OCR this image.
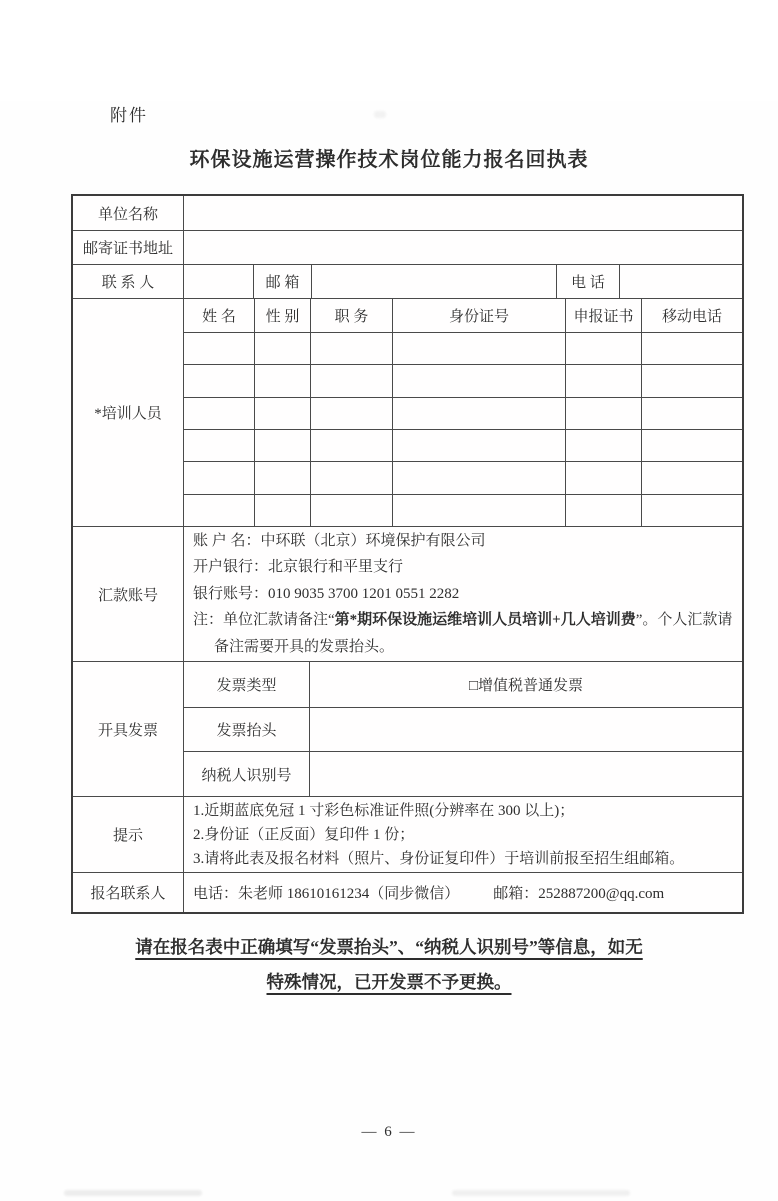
附件
环保设施运营操作技术岗位能力报名回执表
单位名称
邮寄证书地址
联 系 人	邮 箱	电 话
*培训人员
姓 名	性 别	职 务	身份证号	申报证书	移动电话
汇款账号
账 户 名：中环联（北京）环境保护有限公司
开户银行：北京银行和平里支行
银行账号：010 9035 3700 1201 0551 2282
注：单位汇款请备注“第*期环保设施运维培训人员培训+几人培训费”。个人汇款请备注需要开具的发票抬头。
开具发票
发票类型	□增值税普通发票
发票抬头
纳税人识别号
提示
1.近期蓝底免冠 1 寸彩色标准证件照(分辨率在 300 以上)；
2.身份证（正反面）复印件 1 份；
3.请将此表及报名材料（照片、身份证复印件）于培训前报至招生组邮箱。
报名联系人	电话：朱老师 18610161234（同步微信） 邮箱：252887200@qq.com
请在报名表中正确填写“发票抬头”、“纳税人识别号”等信息，如无
特殊情况，已开发票不予更换。
— 6 —
